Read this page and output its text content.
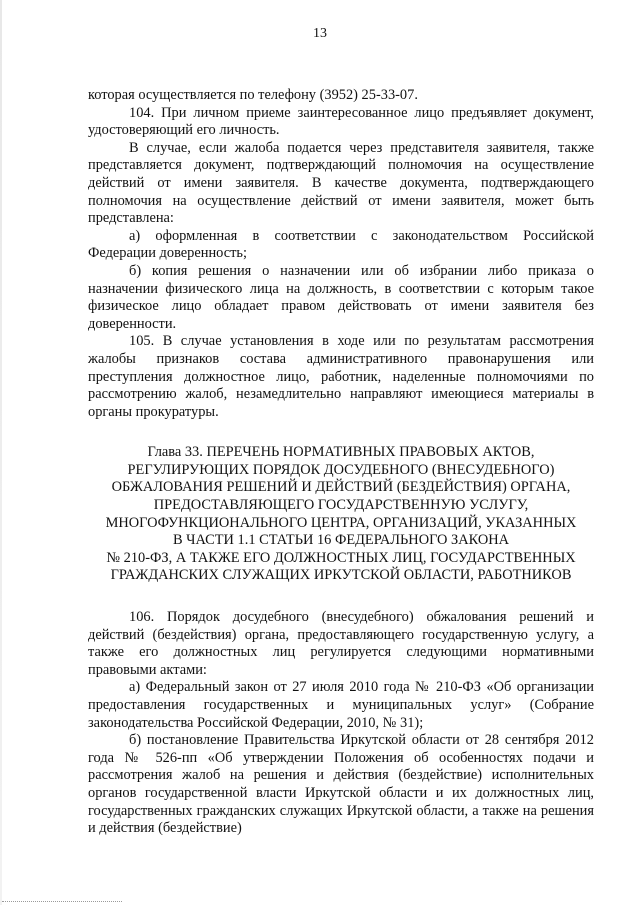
13

которая осуществляется по телефону (3952) 25-33-07.

104. При личном приеме заинтересованное лицо предъявляет документ, удостоверяющий его личность.

В случае, если жалоба подается через представителя заявителя, также представляется документ, подтверждающий полномочия на осуществление действий от имени заявителя. В качестве документа, подтверждающего полномочия на осуществление действий от имени заявителя, может быть представлена:

а) оформленная в соответствии с законодательством Российской Федерации доверенность;

б) копия решения о назначении или об избрании либо приказа о назначении физического лица на должность, в соответствии с которым такое физическое лицо обладает правом действовать от имени заявителя без доверенности.

105. В случае установления в ходе или по результатам рассмотрения жалобы признаков состава административного правонарушения или преступления должностное лицо, работник, наделенные полномочиями по рассмотрению жалоб, незамедлительно направляют имеющиеся материалы в органы прокуратуры.

Глава 33. ПЕРЕЧЕНЬ НОРМАТИВНЫХ ПРАВОВЫХ АКТОВ,
РЕГУЛИРУЮЩИХ ПОРЯДОК ДОСУДЕБНОГО (ВНЕСУДЕБНОГО)
ОБЖАЛОВАНИЯ РЕШЕНИЙ И ДЕЙСТВИЙ (БЕЗДЕЙСТВИЯ) ОРГАНА,
ПРЕДОСТАВЛЯЮЩЕГО ГОСУДАРСТВЕННУЮ УСЛУГУ,
МНОГОФУНКЦИОНАЛЬНОГО ЦЕНТРА, ОРГАНИЗАЦИЙ, УКАЗАННЫХ
В ЧАСТИ 1.1 СТАТЬИ 16 ФЕДЕРАЛЬНОГО ЗАКОНА
№ 210-ФЗ, А ТАКЖЕ ЕГО ДОЛЖНОСТНЫХ ЛИЦ, ГОСУДАРСТВЕННЫХ
ГРАЖДАНСКИХ СЛУЖАЩИХ ИРКУТСКОЙ ОБЛАСТИ, РАБОТНИКОВ

106. Порядок досудебного (внесудебного) обжалования решений и действий (бездействия) органа, предоставляющего государственную услугу, а также его должностных лиц регулируется следующими нормативными правовыми актами:

а) Федеральный закон от 27 июля 2010 года № 210-ФЗ «Об организации предоставления государственных и муниципальных услуг» (Собрание законодательства Российской Федерации, 2010, № 31);

б) постановление Правительства Иркутской области от 28 сентября 2012 года № 526-пп «Об утверждении Положения об особенностях подачи и рассмотрения жалоб на решения и действия (бездействие) исполнительных органов государственной власти Иркутской области и их должностных лиц, государственных гражданских служащих Иркутской области, а также на решения и действия (бездействие)
